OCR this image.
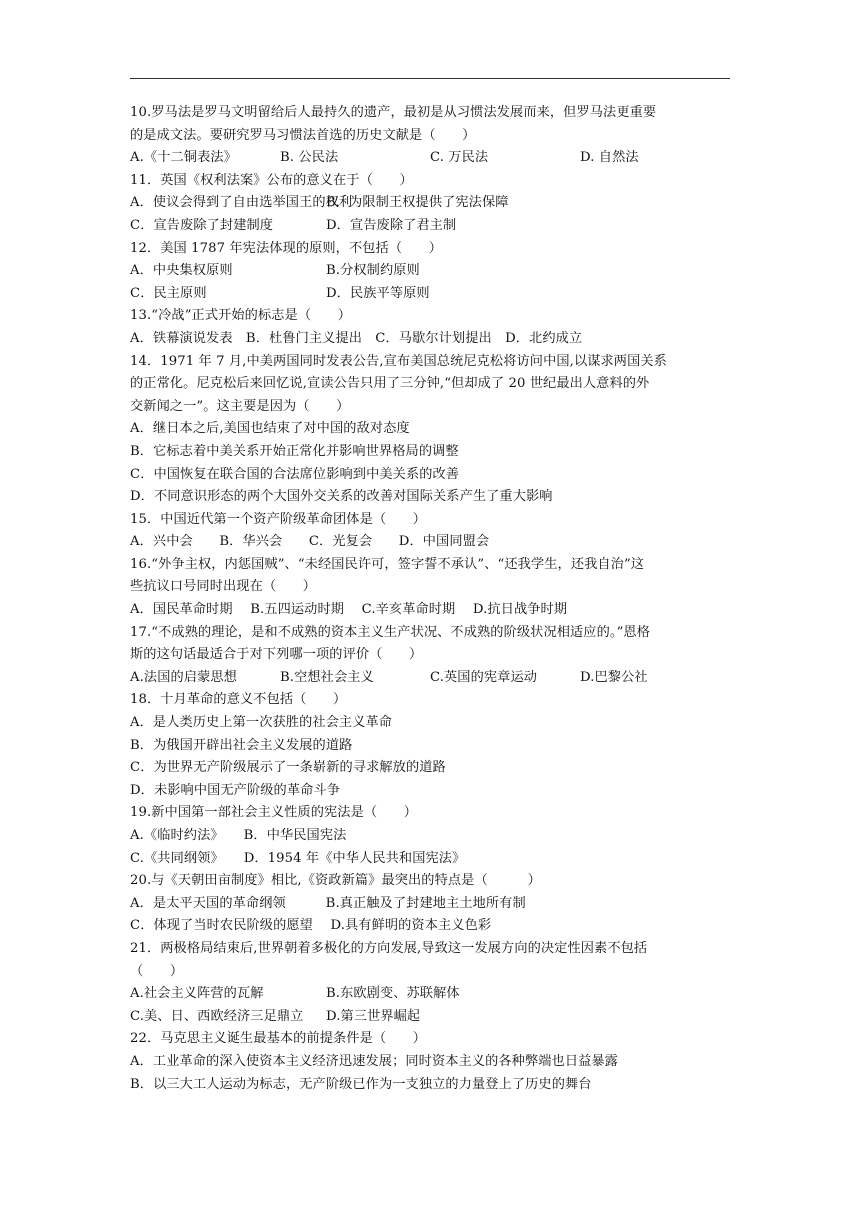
10.罗马法是罗马文明留给后人最持久的遗产，最初是从习惯法发展而来，但罗马法更重要
的是成文法。要研究罗马习惯法首选的历史文献是（　　）
A.《十二铜表法》	B. 公民法	C. 万民法	D. 自然法
11．英国《权利法案》公布的意义在于（　　）
A．使议会得到了自由选举国王的权利
B．为限制王权提供了宪法保障
C．宣告废除了封建制度	D．宣告废除了君主制
12．美国 1787 年宪法体现的原则，不包括（　　）
A．中央集权原则	B.分权制约原则
C．民主原则	D．民族平等原则
13.“冷战”正式开始的标志是（　　）
A．铁幕演说发表　B．杜鲁门主义提出　C．马歇尔计划提出　D．北约成立
14．1971 年 7 月,中美两国同时发表公告,宣布美国总统尼克松将访问中国,以谋求两国关系
的正常化。尼克松后来回忆说,宣读公告只用了三分钟,“但却成了 20 世纪最出人意料的外
交新闻之一”。这主要是因为（　　）
A．继日本之后,美国也结束了对中国的敌对态度
B．它标志着中美关系开始正常化并影响世界格局的调整
C．中国恢复在联合国的合法席位影响到中美关系的改善
D．不同意识形态的两个大国外交关系的改善对国际关系产生了重大影响
15．中国近代第一个资产阶级革命团体是（　　）
A．兴中会　　B．华兴会　　C．光复会　　D．中国同盟会
16.“外争主权，内惩国贼”、“未经国民许可，签字誓不承认”、“还我学生，还我自治”这
些抗议口号同时出现在（　　）
A．国民革命时期　 B.五四运动时期　 C.辛亥革命时期　 D.抗日战争时期
17.“不成熟的理论，是和不成熟的资本主义生产状况、不成熟的阶级状况相适应的。”恩格
斯的这句话最适合于对下列哪一项的评价（　　）
A.法国的启蒙思想	B.空想社会主义	C.英国的宪章运动	D.巴黎公社
18．十月革命的意义不包括（　　）
A．是人类历史上第一次获胜的社会主义革命
B．为俄国开辟出社会主义发展的道路
C．为世界无产阶级展示了一条崭新的寻求解放的道路
D．未影响中国无产阶级的革命斗争
19.新中国第一部社会主义性质的宪法是（　　）
A.《临时约法》　　B．中华民国宪法
C.《共同纲领》　　D．1954 年《中华人民共和国宪法》
20.与《天朝田亩制度》相比,《资政新篇》最突出的特点是（　　　）
A．是太平天国的革命纲领　　　B.真正触及了封建地主土地所有制
C．体现了当时农民阶级的愿望　 D.具有鲜明的资本主义色彩
21．两极格局结束后,世界朝着多极化的方向发展,导致这一发展方向的决定性因素不包括
（　　）
A.社会主义阵营的瓦解	B.东欧剧变、苏联解体
C.美、日、西欧经济三足鼎立	D.第三世界崛起
22．马克思主义诞生最基本的前提条件是（　　）
A．工业革命的深入使资本主义经济迅速发展；同时资本主义的各种弊端也日益暴露
B．以三大工人运动为标志，无产阶级已作为一支独立的力量登上了历史的舞台
